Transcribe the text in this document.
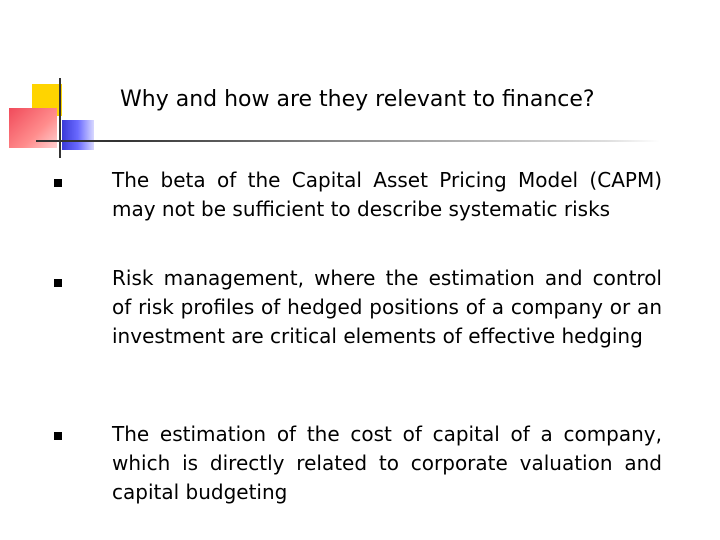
Why and how are they relevant to finance?
The beta of the Capital Asset Pricing Model (CAPM) may not be sufficient to describe systematic risks
Risk management, where the estimation and control of risk profiles of hedged positions of a company or an investment are critical elements of effective hedging
The estimation of the cost of capital of a company, which is directly related to corporate valuation and capital budgeting
